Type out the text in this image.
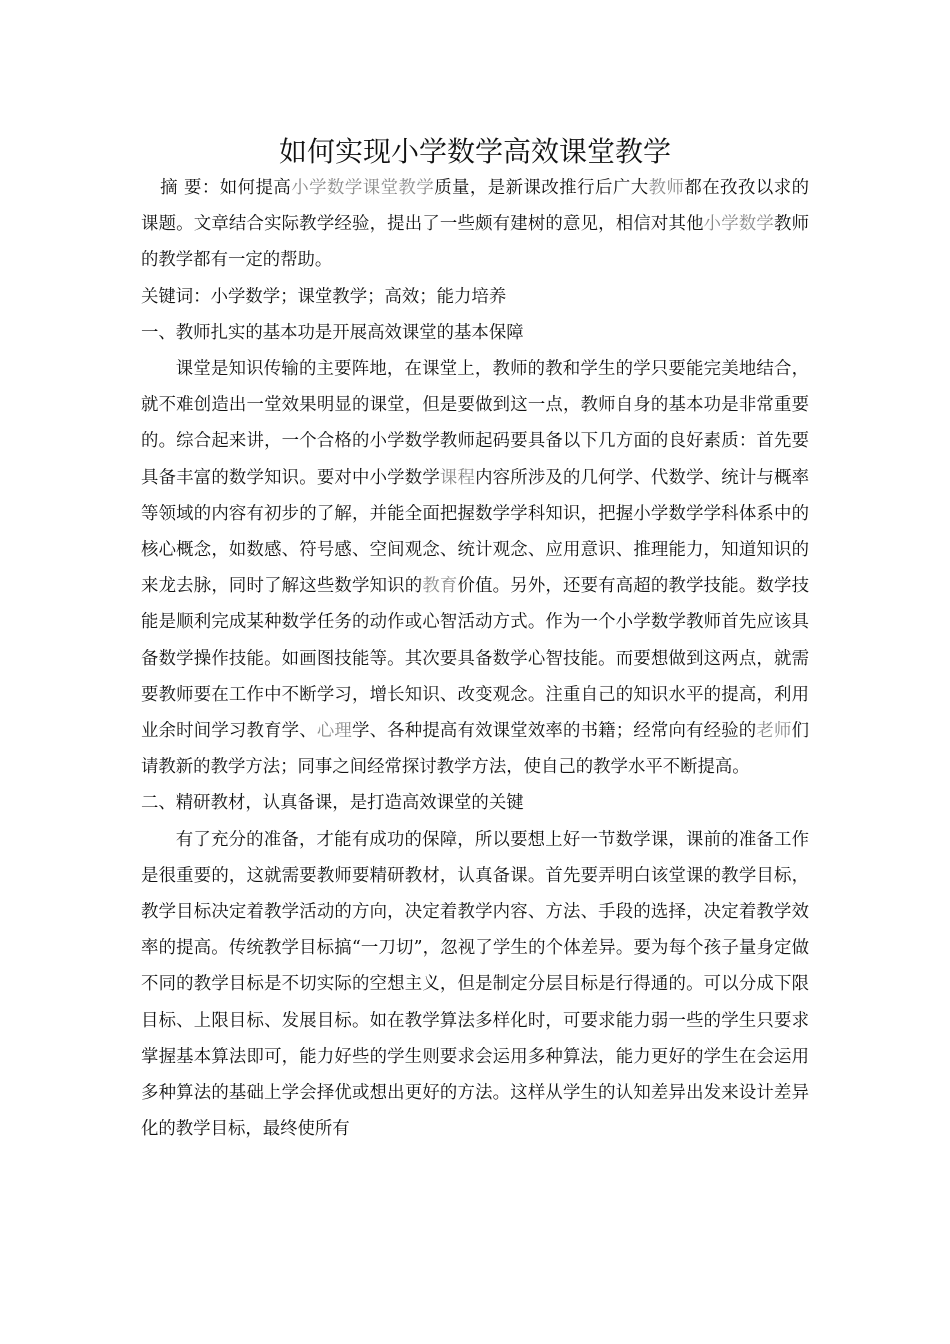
如何实现小学数学高效课堂教学

摘 要：如何提高小学数学课堂教学质量，是新课改推行后广大教师都在孜孜以求的课题。文章结合实际教学经验，提出了一些颇有建树的意见，相信对其他小学数学教师的教学都有一定的帮助。

关键词：小学数学；课堂教学；高效；能力培养

一、教师扎实的基本功是开展高效课堂的基本保障

课堂是知识传输的主要阵地，在课堂上，教师的教和学生的学只要能完美地结合，就不难创造出一堂效果明显的课堂，但是要做到这一点，教师自身的基本功是非常重要的。综合起来讲，一个合格的小学数学教师起码要具备以下几方面的良好素质：首先要具备丰富的数学知识。要对中小学数学课程内容所涉及的几何学、代数学、统计与概率等领域的内容有初步的了解，并能全面把握数学学科知识，把握小学数学学科体系中的核心概念，如数感、符号感、空间观念、统计观念、应用意识、推理能力，知道知识的来龙去脉，同时了解这些数学知识的教育价值。另外，还要有高超的教学技能。数学技能是顺利完成某种数学任务的动作或心智活动方式。作为一个小学数学教师首先应该具备数学操作技能。如画图技能等。其次要具备数学心智技能。而要想做到这两点，就需要教师要在工作中不断学习，增长知识、改变观念。注重自己的知识水平的提高，利用业余时间学习教育学、心理学、各种提高有效课堂效率的书籍；经常向有经验的老师们请教新的教学方法；同事之间经常探讨教学方法，使自己的教学水平不断提高。

二、精研教材，认真备课，是打造高效课堂的关键

有了充分的准备，才能有成功的保障，所以要想上好一节数学课，课前的准备工作是很重要的，这就需要教师要精研教材，认真备课。首先要弄明白该堂课的教学目标，教学目标决定着教学活动的方向，决定着教学内容、方法、手段的选择，决定着教学效率的提高。传统教学目标搞“一刀切”，忽视了学生的个体差异。要为每个孩子量身定做不同的教学目标是不切实际的空想主义，但是制定分层目标是行得通的。可以分成下限目标、上限目标、发展目标。如在教学算法多样化时，可要求能力弱一些的学生只要求掌握基本算法即可，能力好些的学生则要求会运用多种算法，能力更好的学生在会运用多种算法的基础上学会择优或想出更好的方法。这样从学生的认知差异出发来设计差异化的教学目标，最终使所有
